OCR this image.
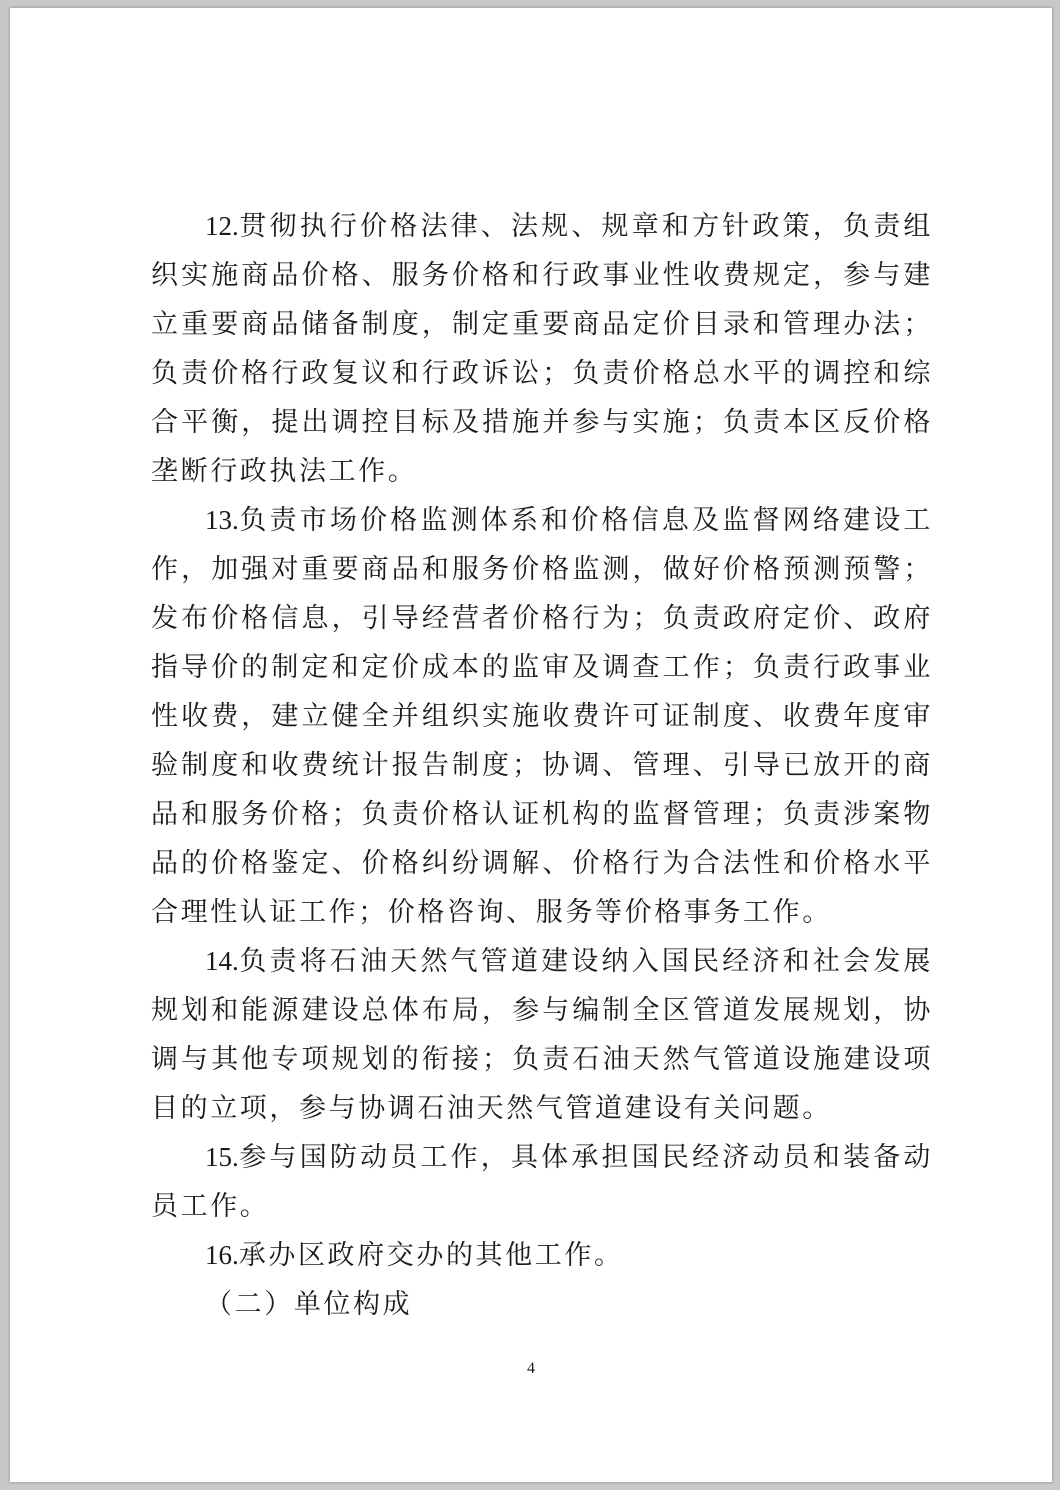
12.贯彻执行价格法律、法规、规章和方针政策，负责组织实施商品价格、服务价格和行政事业性收费规定，参与建立重要商品储备制度，制定重要商品定价目录和管理办法；负责价格行政复议和行政诉讼；负责价格总水平的调控和综合平衡，提出调控目标及措施并参与实施；负责本区反价格垄断行政执法工作。

13.负责市场价格监测体系和价格信息及监督网络建设工作，加强对重要商品和服务价格监测，做好价格预测预警；发布价格信息，引导经营者价格行为；负责政府定价、政府指导价的制定和定价成本的监审及调查工作；负责行政事业性收费，建立健全并组织实施收费许可证制度、收费年度审验制度和收费统计报告制度；协调、管理、引导已放开的商品和服务价格；负责价格认证机构的监督管理；负责涉案物品的价格鉴定、价格纠纷调解、价格行为合法性和价格水平合理性认证工作；价格咨询、服务等价格事务工作。

14.负责将石油天然气管道建设纳入国民经济和社会发展规划和能源建设总体布局，参与编制全区管道发展规划，协调与其他专项规划的衔接；负责石油天然气管道设施建设项目的立项，参与协调石油天然气管道建设有关问题。

15.参与国防动员工作，具体承担国民经济动员和装备动员工作。

16.承办区政府交办的其他工作。

（二）单位构成

4
